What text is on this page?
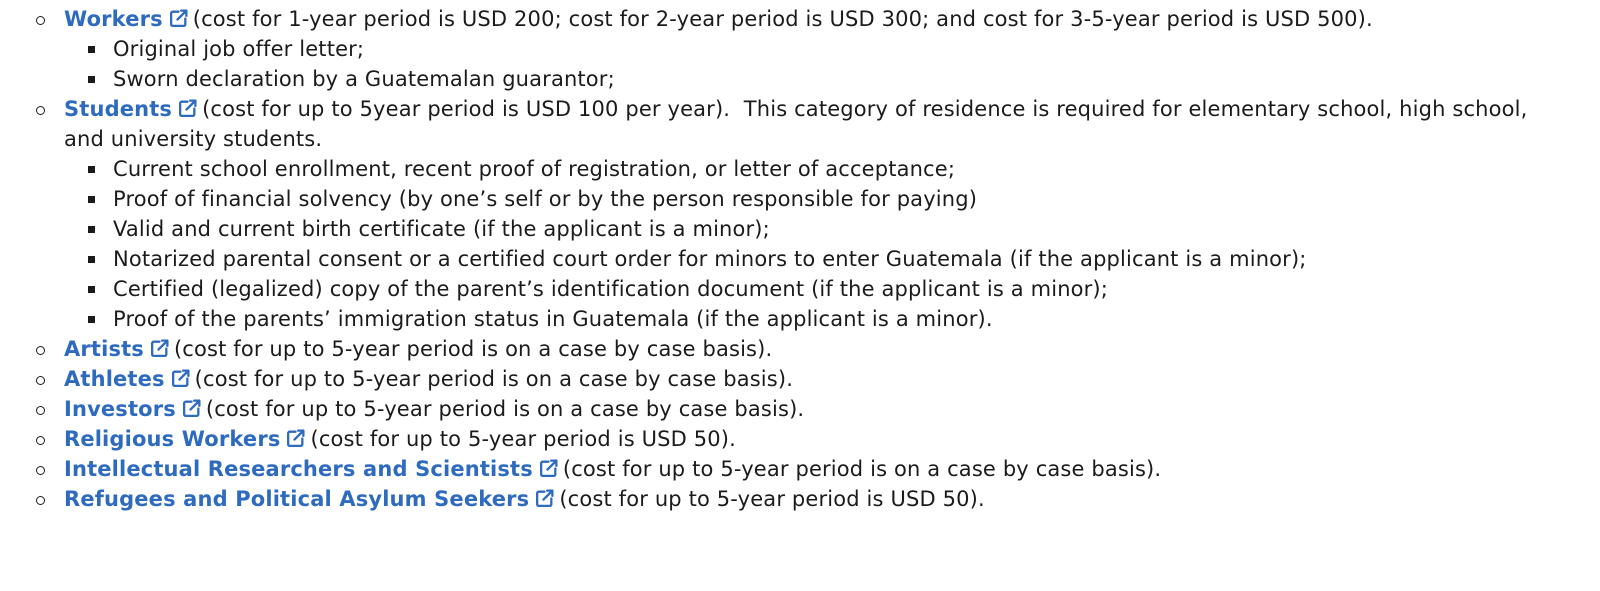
Workers (cost for 1-year period is USD 200; cost for 2-year period is USD 300; and cost for 3-5-year period is USD 500).
Original job offer letter;
Sworn declaration by a Guatemalan guarantor;
Students (cost for up to 5year period is USD 100 per year).  This category of residence is required for elementary school, high school, and university students.
Current school enrollment, recent proof of registration, or letter of acceptance;
Proof of financial solvency (by one’s self or by the person responsible for paying)
Valid and current birth certificate (if the applicant is a minor);
Notarized parental consent or a certified court order for minors to enter Guatemala (if the applicant is a minor);
Certified (legalized) copy of the parent’s identification document (if the applicant is a minor);
Proof of the parents’ immigration status in Guatemala (if the applicant is a minor).
Artists (cost for up to 5-year period is on a case by case basis).
Athletes (cost for up to 5-year period is on a case by case basis).
Investors (cost for up to 5-year period is on a case by case basis).
Religious Workers (cost for up to 5-year period is USD 50).
Intellectual Researchers and Scientists (cost for up to 5-year period is on a case by case basis).
Refugees and Political Asylum Seekers (cost for up to 5-year period is USD 50).
